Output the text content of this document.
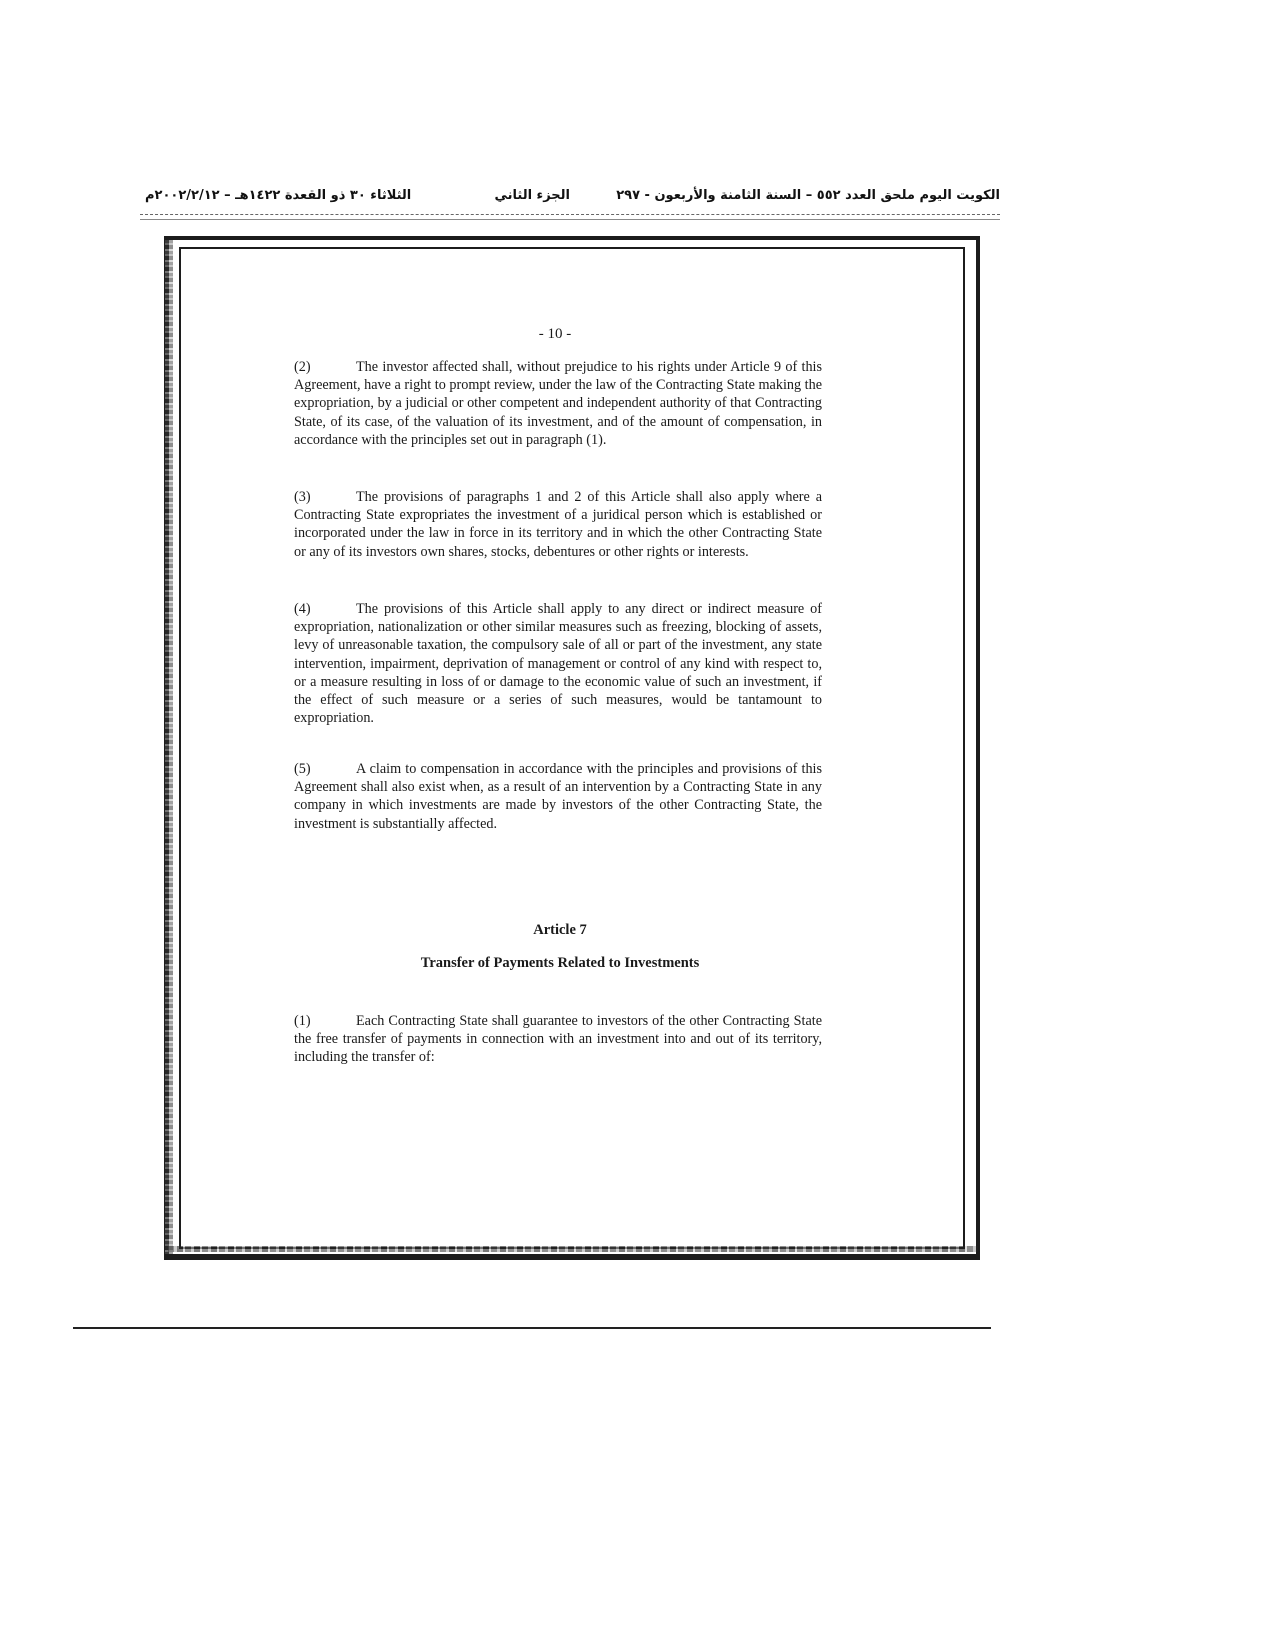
الكويت اليوم ملحق العدد ٥٥٢ – السنة الثامنة والأربعون - ٢٩٧
الجزء الثاني
الثلاثاء ٣٠ ذو القعدة ١٤٢٢هـ – ٢٠٠٢/٢/١٢م
- 10 -
(2)	The investor affected shall, without prejudice to his rights under Article 9 of this Agreement, have a right to prompt review, under the law of the Contracting State making the expropriation, by a judicial or other competent and independent authority of that Contracting State, of its case, of the valuation of its investment, and of the amount of compensation, in accordance with the principles set out in paragraph (1).
(3)	The provisions of paragraphs 1 and 2 of this Article shall also apply where a Contracting State expropriates the investment of a juridical person which is established or incorporated under the law in force in its territory and in which the other Contracting State or any of its investors own shares, stocks, debentures or other rights or interests.
(4)	The provisions of this Article shall apply to any direct or indirect measure of expropriation, nationalization or other similar measures such as freezing, blocking of assets, levy of unreasonable taxation, the compulsory sale of all or part of the investment, any state intervention, impairment, deprivation of management or control of any kind with respect to, or a measure resulting in loss of or damage to the economic value of such an investment, if the effect of such measure or a series of such measures, would be tantamount to expropriation.
(5)	A claim to compensation in accordance with the principles and provisions of this Agreement shall also exist when, as a result of an intervention by a Contracting State in any company in which investments are made by investors of the other Contracting State, the investment is substantially affected.
Article 7
Transfer of Payments Related to Investments
(1)	Each Contracting State shall guarantee to investors of the other Contracting State the free transfer of payments in connection with an investment into and out of its territory, including the transfer of:
